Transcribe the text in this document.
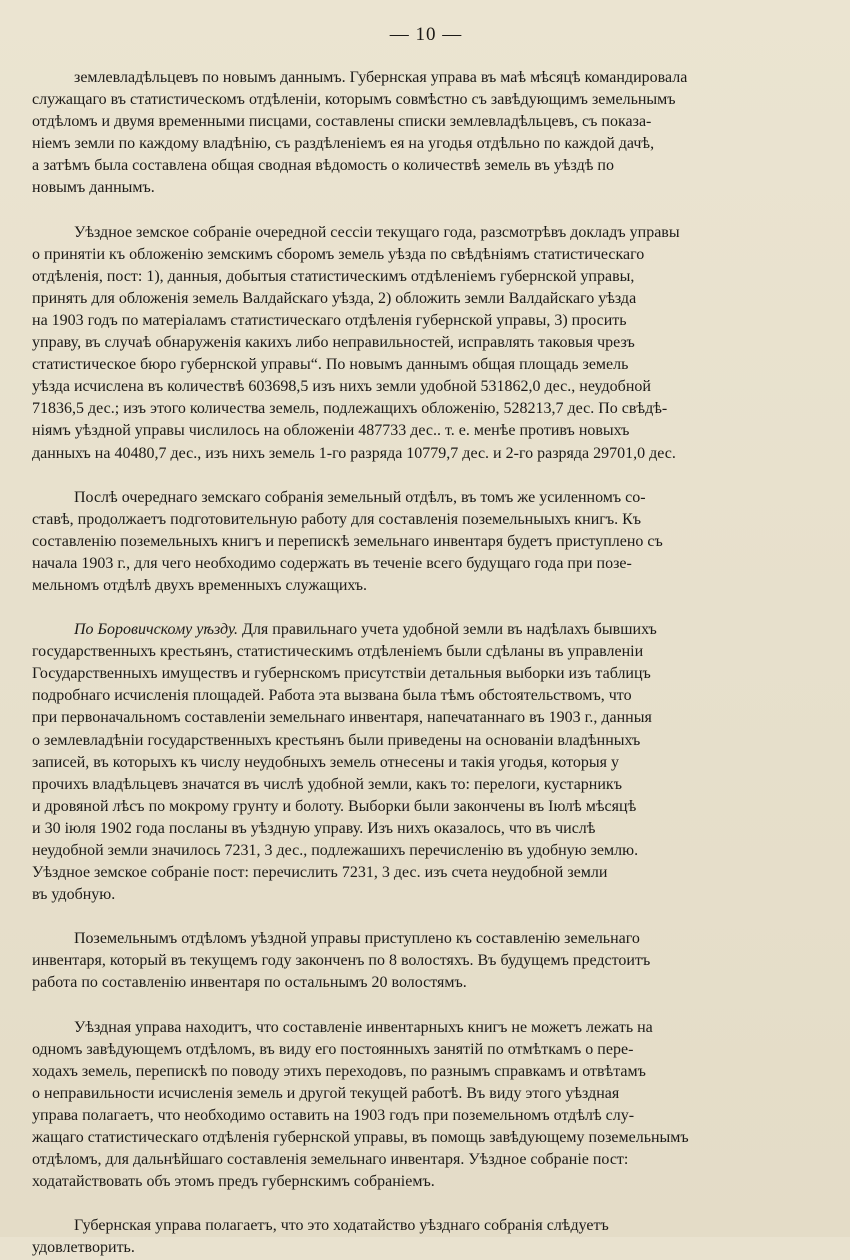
— 10 —

землевладѣльцевъ по новымъ даннымъ. Губернская управа въ маѣ мѣсяцѣ командировала
служащаго въ статистическомъ отдѣленіи, которымъ совмѣстно съ завѣдующимъ земельнымъ
отдѣломъ и двумя временными писцами, составлены списки землевладѣльцевъ, съ показа-
ніемъ земли по каждому владѣнію, съ раздѣленіемъ ея на угодья отдѣльно по каждой дачѣ,
а затѣмъ была составлена общая сводная вѣдомость о количествѣ земель въ уѣздѣ по
новымъ даннымъ.

Уѣздное земское собраніе очередной сессіи текущаго года, разсмотрѣвъ докладъ управы
о принятіи къ обложенію земскимъ сборомъ земель уѣзда по свѣдѣніямъ статистическаго
отдѣленія, пост: 1), данныя, добытыя статистическимъ отдѣленіемъ губернской управы,
принять для обложенія земель Валдайскаго уѣзда, 2) обложить земли Валдайскаго уѣзда
на 1903 годъ по матеріаламъ статистическаго отдѣленія губернской управы, 3) просить
управу, въ случаѣ обнаруженія какихъ либо неправильностей, исправлять таковыя чрезъ
статистическое бюро губернской управы“. По новымъ даннымъ общая площадь земель
уѣзда исчислена въ количествѣ 603698,5 изъ нихъ земли удобной 531862,0 дес., неудобной
71836,5 дес.; изъ этого количества земель, подлежащихъ обложенію, 528213,7 дес. По свѣдѣ-
ніямъ уѣздной управы числилось на обложеніи 487733 дес.. т. е. менѣе противъ новыхъ
данныхъ на 40480,7 дес., изъ нихъ земель 1-го разряда 10779,7 дес. и 2-го разряда 29701,0 дес.

Послѣ очереднаго земскаго собранія земельный отдѣлъ, въ томъ же усиленномъ со-
ставѣ, продолжаетъ подготовительную работу для составленія поземельныыхъ книгъ. Къ
составленію поземельныхъ книгъ и перепискѣ земельнаго инвентаря будетъ приступлено съ
начала 1903 г., для чего необходимо содержать въ теченіе всего будущаго года при позе-
мельномъ отдѣлѣ двухъ временныхъ служащихъ.

По Боровичскому уѣзду. Для правильнаго учета удобной земли въ надѣлахъ бывшихъ
государственныхъ крестьянъ, статистическимъ отдѣленіемъ были сдѣланы въ управленіи
Государственныхъ имуществъ и губернскомъ присутствіи детальныя выборки изъ таблицъ
подробнаго исчисленія площадей. Работа эта вызвана была тѣмъ обстоятельствомъ, что
при первоначальномъ составленіи земельнаго инвентаря, напечатаннаго въ 1903 г., данныя
о землевладѣніи государственныхъ крестьянъ были приведены на основаніи владѣнныхъ
записей, въ которыхъ къ числу неудобныхъ земель отнесены и такія угодья, которыя у
прочихъ владѣльцевъ значатся въ числѣ удобной земли, какъ то: перелоги, кустарникъ
и дровяной лѣсъ по мокрому грунту и болоту. Выборки были закончены въ Іюлѣ мѣсяцѣ
и 30 іюля 1902 года посланы въ уѣздную управу. Изъ нихъ оказалось, что въ числѣ
неудобной земли значилось 7231, 3 дес., подлежашихъ перечисленію въ удобную землю.
Уѣздное земское собраніе пост: перечислить 7231, 3 дес. изъ счета неудобной земли
въ удобную.

Поземельнымъ отдѣломъ уѣздной управы приступлено къ составленію земельнаго
инвентаря, который въ текущемъ году законченъ по 8 волостяхъ. Въ будущемъ предстоитъ
работа по составленію инвентаря по остальнымъ 20 волостямъ.

Уѣздная управа находитъ, что составленіе инвентарныхъ книгъ не можетъ лежать на
одномъ завѣдующемъ отдѣломъ, въ виду его постоянныхъ занятій по отмѣткамъ о пере-
ходахъ земель, перепискѣ по поводу этихъ переходовъ, по разнымъ справкамъ и отвѣтамъ
о неправильности исчисленія земель и другой текущей работѣ. Въ виду этого уѣздная
управа полагаетъ, что необходимо оставить на 1903 годъ при поземельномъ отдѣлѣ слу-
жащаго статистическаго отдѣленія губернской управы, въ помощь завѣдующему поземельнымъ
отдѣломъ, для дальнѣйшаго составленія земельнаго инвентаря. Уѣздное собраніе пост:
ходатайствовать объ этомъ предъ губернскимъ собраніемъ.

Губернская управа полагаетъ, что это ходатайство уѣзднаго собранія слѣдуетъ
удовлетворить.
